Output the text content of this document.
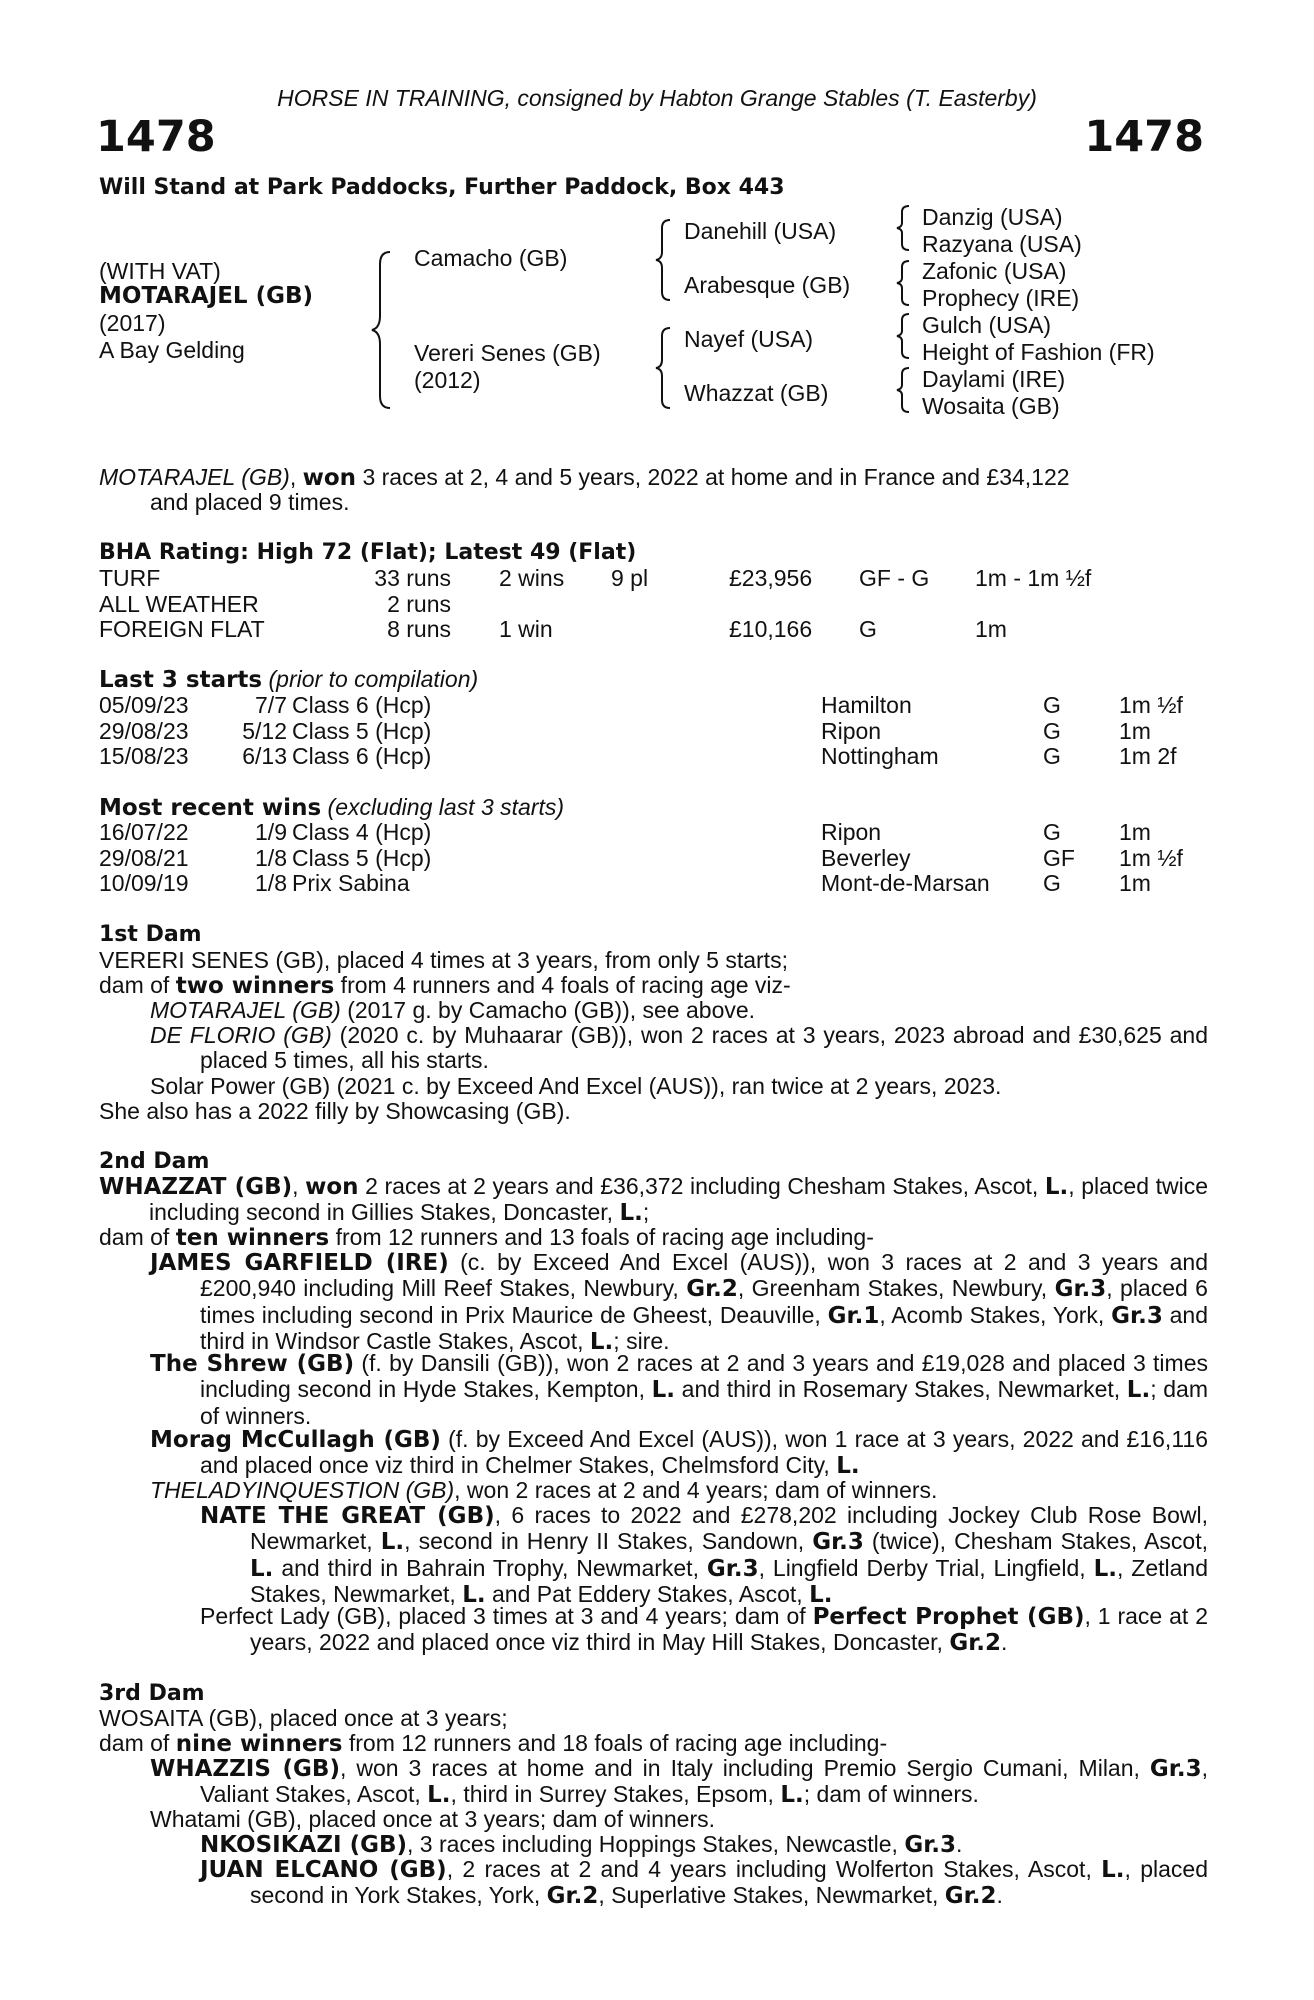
HORSE IN TRAINING, consigned by Habton Grange Stables (T. Easterby)
1478	1478
Will Stand at Park Paddocks, Further Paddock, Box 443
(WITH VAT)
MOTARAJEL (GB)
(2017)
A Bay Gelding
Camacho (GB)
Vereri Senes (GB)
(2012)
Danehill (USA)
Arabesque (GB)
Nayef (USA)
Whazzat (GB)
Danzig (USA)
Razyana (USA)
Zafonic (USA)
Prophecy (IRE)
Gulch (USA)
Height of Fashion (FR)
Daylami (IRE)
Wosaita (GB)
MOTARAJEL (GB), won 3 races at 2, 4 and 5 years, 2022 at home and in France and £34,122
and placed 9 times.
BHA Rating: High 72 (Flat); Latest 49 (Flat)
TURF	33 runs 2 wins 9 pl	£23,956 GF - G 1m - 1m ½f
ALL WEATHER	2 runs
FOREIGN FLAT	8 runs 1 win	£10,166 G	1m
Last 3 starts (prior to compilation)
05/09/23	7/7 Class 6 (Hcp)	Hamilton	G	1m ½f
29/08/23	5/12 Class 5 (Hcp)	Ripon	G	1m
15/08/23	6/13 Class 6 (Hcp)	Nottingham	G	1m 2f
Most recent wins (excluding last 3 starts)
16/07/22	1/9 Class 4 (Hcp)	Ripon	G	1m
29/08/21	1/8 Class 5 (Hcp)	Beverley	GF 1m ½f
10/09/19	1/8 Prix Sabina	Mont-de-Marsan G	1m
1st Dam
VERERI SENES (GB), placed 4 times at 3 years, from only 5 starts;
dam of two winners from 4 runners and 4 foals of racing age viz-
MOTARAJEL (GB) (2017 g. by Camacho (GB)), see above.
DE FLORIO (GB) (2020 c. by Muhaarar (GB)), won 2 races at 3 years, 2023 abroad and £30,625 and placed 5 times, all his starts.
Solar Power (GB) (2021 c. by Exceed And Excel (AUS)), ran twice at 2 years, 2023.
She also has a 2022 filly by Showcasing (GB).
2nd Dam
WHAZZAT (GB), won 2 races at 2 years and £36,372 including Chesham Stakes, Ascot, L., placed twice including second in Gillies Stakes, Doncaster, L.;
dam of ten winners from 12 runners and 13 foals of racing age including-
JAMES GARFIELD (IRE) (c. by Exceed And Excel (AUS)), won 3 races at 2 and 3 years and £200,940 including Mill Reef Stakes, Newbury, Gr.2, Greenham Stakes, Newbury, Gr.3, placed 6 times including second in Prix Maurice de Gheest, Deauville, Gr.1, Acomb Stakes, York, Gr.3 and third in Windsor Castle Stakes, Ascot, L.; sire.
The Shrew (GB) (f. by Dansili (GB)), won 2 races at 2 and 3 years and £19,028 and placed 3 times including second in Hyde Stakes, Kempton, L. and third in Rosemary Stakes, Newmarket, L.; dam of winners.
Morag McCullagh (GB) (f. by Exceed And Excel (AUS)), won 1 race at 3 years, 2022 and £16,116 and placed once viz third in Chelmer Stakes, Chelmsford City, L.
THELADYINQUESTION (GB), won 2 races at 2 and 4 years; dam of winners.
NATE THE GREAT (GB), 6 races to 2022 and £278,202 including Jockey Club Rose Bowl, Newmarket, L., second in Henry II Stakes, Sandown, Gr.3 (twice), Chesham Stakes, Ascot, L. and third in Bahrain Trophy, Newmarket, Gr.3, Lingfield Derby Trial, Lingfield, L., Zetland Stakes, Newmarket, L. and Pat Eddery Stakes, Ascot, L.
Perfect Lady (GB), placed 3 times at 3 and 4 years; dam of Perfect Prophet (GB), 1 race at 2 years, 2022 and placed once viz third in May Hill Stakes, Doncaster, Gr.2.
3rd Dam
WOSAITA (GB), placed once at 3 years;
dam of nine winners from 12 runners and 18 foals of racing age including-
WHAZZIS (GB), won 3 races at home and in Italy including Premio Sergio Cumani, Milan, Gr.3, Valiant Stakes, Ascot, L., third in Surrey Stakes, Epsom, L.; dam of winners.
Whatami (GB), placed once at 3 years; dam of winners.
NKOSIKAZI (GB), 3 races including Hoppings Stakes, Newcastle, Gr.3.
JUAN ELCANO (GB), 2 races at 2 and 4 years including Wolferton Stakes, Ascot, L., placed second in York Stakes, York, Gr.2, Superlative Stakes, Newmarket, Gr.2.
